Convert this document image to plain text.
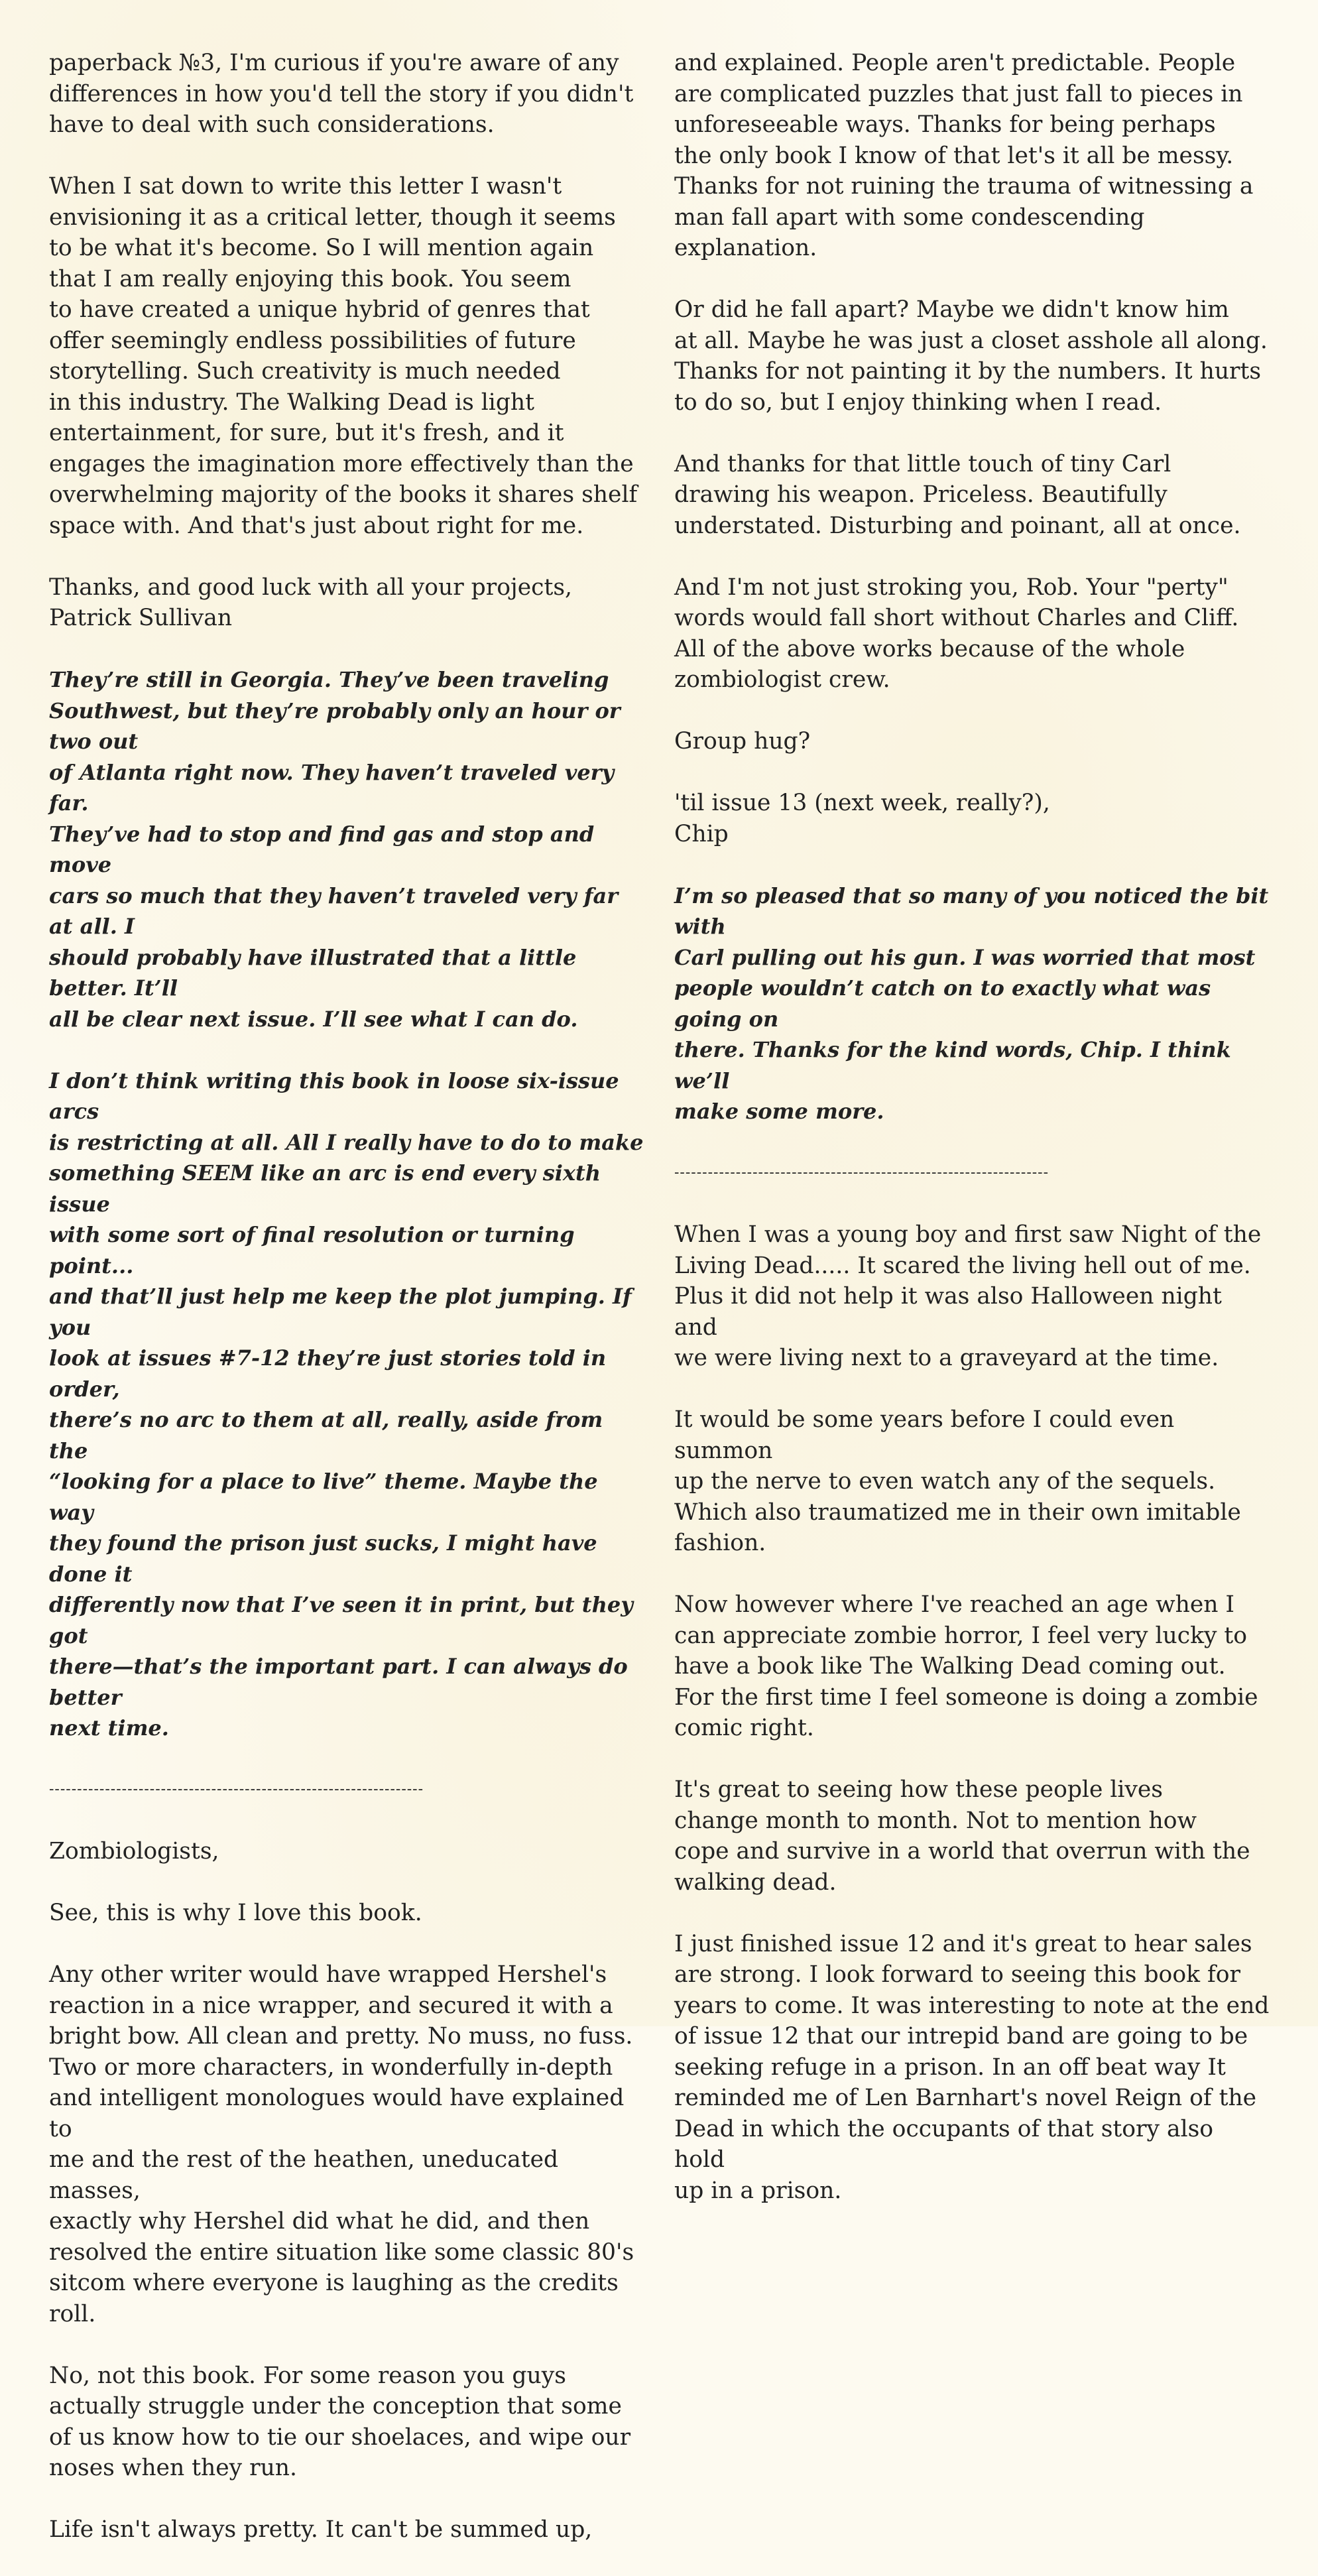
paperback №3, I'm curious if you're aware of any
differences in how you'd tell the story if you didn't
have to deal with such considerations.

When I sat down to write this letter I wasn't
envisioning it as a critical letter, though it seems
to be what it's become. So I will mention again
that I am really enjoying this book. You seem
to have created a unique hybrid of genres that
offer seemingly endless possibilities of future
storytelling. Such creativity is much needed
in this industry. The Walking Dead is light
entertainment, for sure, but it's fresh, and it
engages the imagination more effectively than the
overwhelming majority of the books it shares shelf
space with. And that's just about right for me.

Thanks, and good luck with all your projects,
Patrick Sullivan

They’re still in Georgia. They’ve been traveling
Southwest, but they’re probably only an hour or two out
of Atlanta right now. They haven’t traveled very far.
They’ve had to stop and find gas and stop and move
cars so much that they haven’t traveled very far at all. I
should probably have illustrated that a little better. It’ll
all be clear next issue. I’ll see what I can do.

I don’t think writing this book in loose six-issue arcs
is restricting at all. All I really have to do to make
something SEEM like an arc is end every sixth issue
with some sort of final resolution or turning point...
and that’ll just help me keep the plot jumping. If you
look at issues #7-12 they’re just stories told in order,
there’s no arc to them at all, really, aside from the
“looking for a place to live” theme. Maybe the way
they found the prison just sucks, I might have done it
differently now that I’ve seen it in print, but they got
there—that’s the important part. I can always do better
next time.

-------------------------------------------------------------------

Zombiologists,

See, this is why I love this book.

Any other writer would have wrapped Hershel's
reaction in a nice wrapper, and secured it with a
bright bow. All clean and pretty. No muss, no fuss.
Two or more characters, in wonderfully in-depth
and intelligent monologues would have explained to
me and the rest of the heathen, uneducated masses,
exactly why Hershel did what he did, and then
resolved the entire situation like some classic 80's
sitcom where everyone is laughing as the credits roll.

No, not this book. For some reason you guys
actually struggle under the conception that some
of us know how to tie our shoelaces, and wipe our
noses when they run.

Life isn't always pretty. It can't be summed up,

and explained. People aren't predictable. People
are complicated puzzles that just fall to pieces in
unforeseeable ways. Thanks for being perhaps
the only book I know of that let's it all be messy.
Thanks for not ruining the trauma of witnessing a
man fall apart with some condescending explanation.

Or did he fall apart? Maybe we didn't know him
at all. Maybe he was just a closet asshole all along.
Thanks for not painting it by the numbers. It hurts
to do so, but I enjoy thinking when I read.

And thanks for that little touch of tiny Carl
drawing his weapon. Priceless. Beautifully
understated. Disturbing and poinant, all at once.

And I'm not just stroking you, Rob. Your "perty"
words would fall short without Charles and Cliff.
All of the above works because of the whole
zombiologist crew.

Group hug?

'til issue 13 (next week, really?),
Chip

I’m so pleased that so many of you noticed the bit with
Carl pulling out his gun. I was worried that most
people wouldn’t catch on to exactly what was going on
there. Thanks for the kind words, Chip. I think we’ll
make some more.

-------------------------------------------------------------------

When I was a young boy and first saw Night of the
Living Dead..... It scared the living hell out of me.
Plus it did not help it was also Halloween night and
we were living next to a graveyard at the time.

It would be some years before I could even summon
up the nerve to even watch any of the sequels.
Which also traumatized me in their own imitable
fashion.

Now however where I've reached an age when I
can appreciate zombie horror, I feel very lucky to
have a book like The Walking Dead coming out.
For the first time I feel someone is doing a zombie
comic right.

It's great to seeing how these people lives
change month to month. Not to mention how
cope and survive in a world that overrun with the
walking dead.

I just finished issue 12 and it's great to hear sales
are strong. I look forward to seeing this book for
years to come. It was interesting to note at the end
of issue 12 that our intrepid band are going to be
seeking refuge in a prison. In an off beat way It
reminded me of Len Barnhart's novel Reign of the
Dead in which the occupants of that story also hold
up in a prison.
